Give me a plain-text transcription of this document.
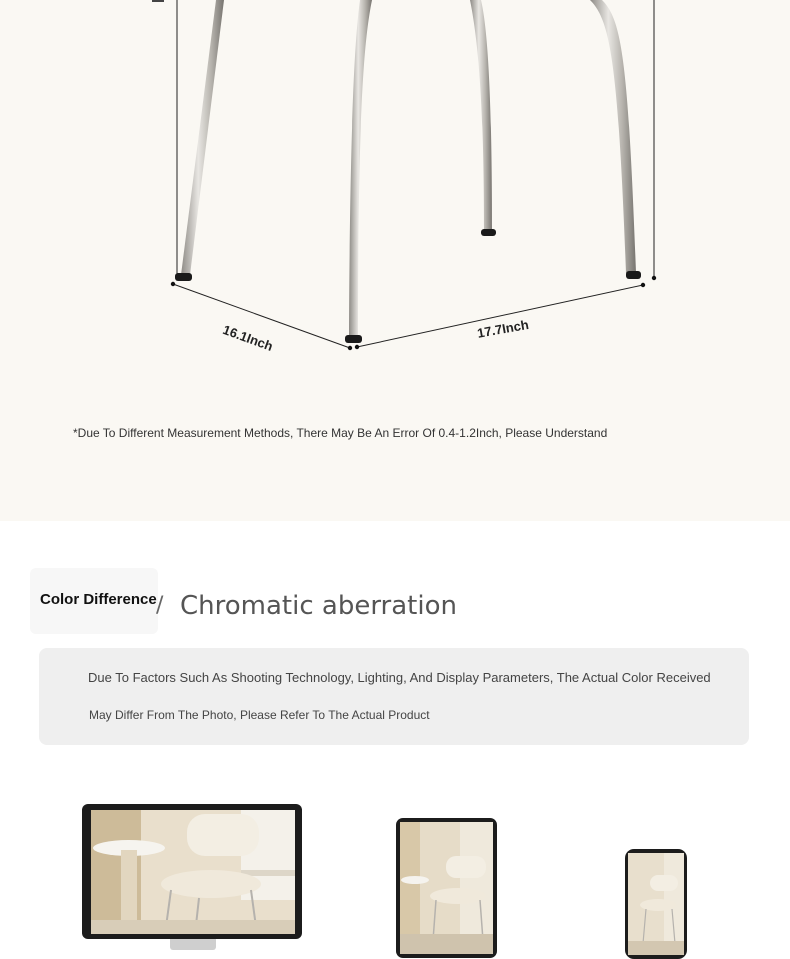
16.1Inch	17.7Inch
*Due To Different Measurement Methods, There May Be An Error Of 0.4-1.2Inch, Please Understand
Color Difference / Chromatic aberration
Due To Factors Such As Shooting Technology, Lighting, And Display Parameters, The Actual Color Received
May Differ From The Photo, Please Refer To The Actual Product
